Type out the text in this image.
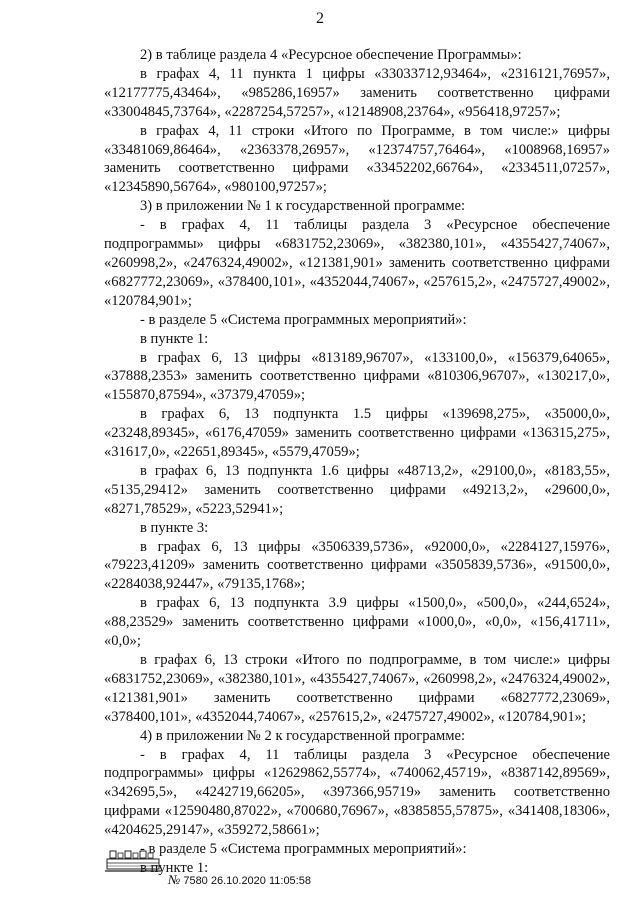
2

2) в таблице раздела 4 «Ресурсное обеспечение Программы»:

в графах 4, 11 пункта 1 цифры «33033712,93464», «2316121,76957», «12177775,43464», «985286,16957» заменить соответственно цифрами «33004845,73764», «2287254,57257», «12148908,23764», «956418,97257»;

в графах 4, 11 строки «Итого по Программе, в том числе:» цифры «33481069,86464», «2363378,26957», «12374757,76464», «1008968,16957» заменить соответственно цифрами «33452202,66764», «2334511,07257», «12345890,56764», «980100,97257»;

3) в приложении № 1 к государственной программе:

- в графах 4, 11 таблицы раздела 3 «Ресурсное обеспечение подпрограммы» цифры «6831752,23069», «382380,101», «4355427,74067», «260998,2», «2476324,49002», «121381,901» заменить соответственно цифрами «6827772,23069», «378400,101», «4352044,74067», «257615,2», «2475727,49002», «120784,901»;

- в разделе 5 «Система программных мероприятий»:

в пункте 1:

в графах 6, 13 цифры «813189,96707», «133100,0», «156379,64065», «37888,2353» заменить соответственно цифрами «810306,96707», «130217,0», «155870,87594», «37379,47059»;

в графах 6, 13 подпункта 1.5 цифры «139698,275», «35000,0», «23248,89345», «6176,47059» заменить соответственно цифрами «136315,275», «31617,0», «22651,89345», «5579,47059»;

в графах 6, 13 подпункта 1.6 цифры «48713,2», «29100,0», «8183,55», «5135,29412» заменить соответственно цифрами «49213,2», «29600,0», «8271,78529», «5223,52941»;

в пункте 3:

в графах 6, 13 цифры «3506339,5736», «92000,0», «2284127,15976», «79223,41209» заменить соответственно цифрами «3505839,5736», «91500,0», «2284038,92447», «79135,1768»;

в графах 6, 13 подпункта 3.9 цифры «1500,0», «500,0», «244,6524», «88,23529» заменить соответственно цифрами «1000,0», «0,0», «156,41711», «0,0»;

в графах 6, 13 строки «Итого по подпрограмме, в том числе:» цифры «6831752,23069», «382380,101», «4355427,74067», «260998,2», «2476324,49002», «121381,901» заменить соответственно цифрами «6827772,23069», «378400,101», «4352044,74067», «257615,2», «2475727,49002», «120784,901»;

4) в приложении № 2 к государственной программе:

- в графах 4, 11 таблицы раздела 3 «Ресурсное обеспечение подпрограммы» цифры «12629862,55774», «740062,45719», «8387142,89569», «342695,5», «4242719,66205», «397366,95719» заменить соответственно цифрами «12590480,87022», «700680,76967», «8385855,57875», «341408,18306», «4204625,29147», «359272,58661»;

- в разделе 5 «Система программных мероприятий»:

в пункте 1:

№ 7580 26.10.2020 11:05:58
